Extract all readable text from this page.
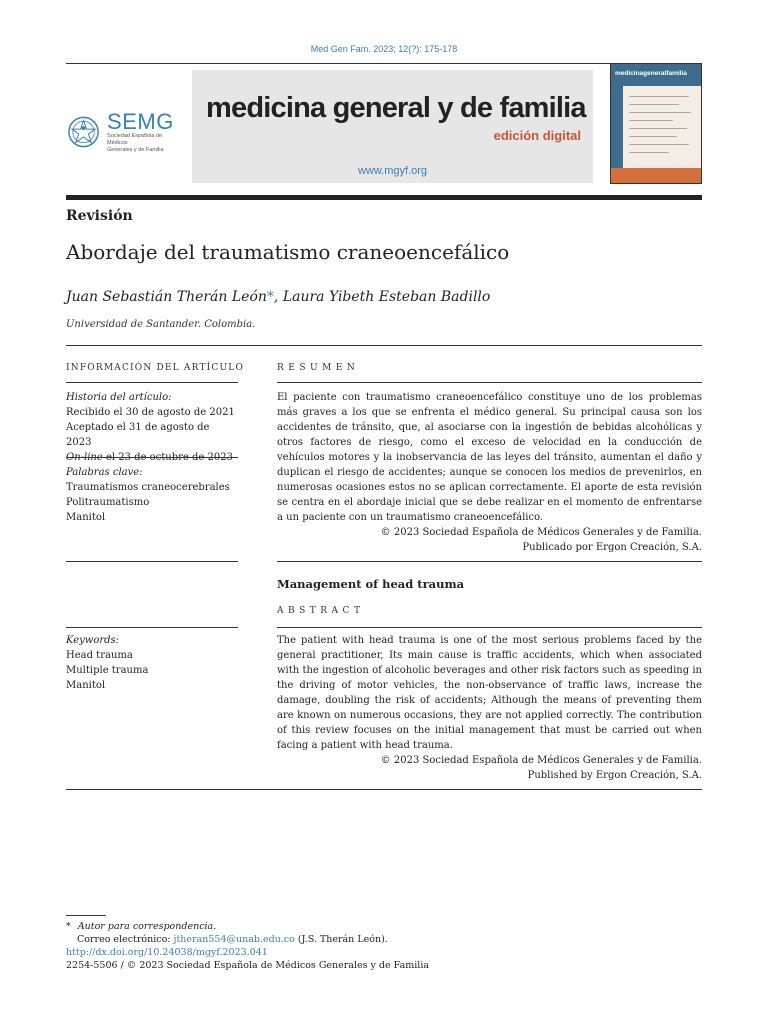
Med Gen Fam. 2023; 12(?): 175-178
SEMG
Sociedad Española de Médicos
Generales y de Familia
medicina general y de familia
edición digital
www.mgyf.org
medicinageneralfamilia
Revisión
Abordaje del traumatismo craneoencefálico
Juan Sebastián Therán León*, Laura Yibeth Esteban Badillo
Universidad de Santander. Colombia.
INFORMACIÓN DEL ARTÍCULO
Historia del artículo:
Recibido el 30 de agosto de 2021
Aceptado el 31 de agosto de 2023
Palabras clave:
Traumatismos craneocerebrales
Politraumatismo
Manitol
Keywords:
Head trauma
Multiple trauma
Manitol
RESUMEN
El paciente con traumatismo craneoencefálico constituye uno de los problemas más graves a los que se enfrenta el médico general. Su principal causa son los accidentes de tránsito, que, al asociarse con la ingestión de bebidas alcohólicas y otros factores de riesgo, como el exceso de velocidad en la conducción de vehículos motores y la inobservancia de las leyes del tránsito, aumentan el daño y duplican el riesgo de accidentes; aunque se conocen los medios de prevenirlos, en numerosas ocasiones estos no se aplican correctamente. El aporte de esta revisión se centra en el abordaje inicial que se debe realizar en el momento de enfrentarse a un paciente con un traumatismo craneoencefálico.
© 2023 Sociedad Española de Médicos Generales y de Familia.
Publicado por Ergon Creación, S.A.
Management of head trauma
ABSTRACT
The patient with head trauma is one of the most serious problems faced by the general practitioner, Its main cause is traffic accidents, which when associated with the ingestion of alcoholic beverages and other risk factors such as speeding in the driving of motor vehicles, the non-observance of traffic laws, increase the damage, doubling the risk of accidents; Although the means of preventing them are known on numerous occasions, they are not applied correctly. The contribution of this review focuses on the initial management that must be carried out when facing a patient with head trauma.
© 2023 Sociedad Española de Médicos Generales y de Familia.
Published by Ergon Creación, S.A.
* Autor para correspondencia.
Correo electrónico: jtheran554@unab.edu.co (J.S. Therán León).
http://dx.doi.org/10.24038/mgyf.2023.041
2254-5506 / © 2023 Sociedad Española de Médicos Generales y de Familia
